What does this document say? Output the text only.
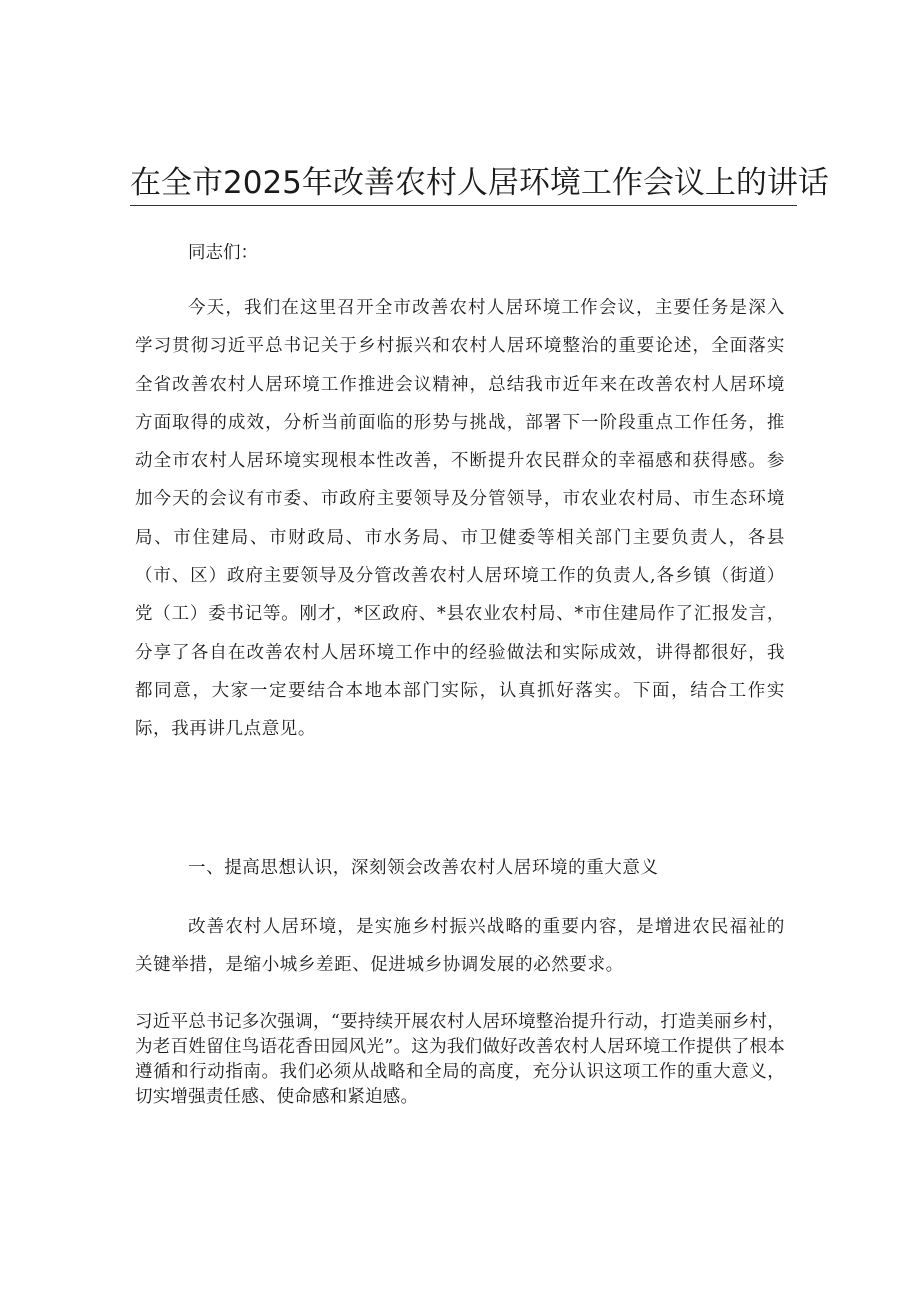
在全市2025年改善农村人居环境工作会议上的讲话
同志们：
今天，我们在这里召开全市改善农村人居环境工作会议，主要任务是深入学习贯彻习近平总书记关于乡村振兴和农村人居环境整治的重要论述，全面落实全省改善农村人居环境工作推进会议精神，总结我市近年来在改善农村人居环境方面取得的成效，分析当前面临的形势与挑战，部署下一阶段重点工作任务，推动全市农村人居环境实现根本性改善，不断提升农民群众的幸福感和获得感。参加今天的会议有市委、市政府主要领导及分管领导，市农业农村局、市生态环境局、市住建局、市财政局、市水务局、市卫健委等相关部门主要负责人，各县（市、区）政府主要领导及分管改善农村人居环境工作的负责人,各乡镇（街道）党（工）委书记等。刚才，*区政府、*县农业农村局、*市住建局作了汇报发言，分享了各自在改善农村人居环境工作中的经验做法和实际成效，讲得都很好，我都同意，大家一定要结合本地本部门实际，认真抓好落实。下面，结合工作实际，我再讲几点意见。
一、提高思想认识，深刻领会改善农村人居环境的重大意义
改善农村人居环境，是实施乡村振兴战略的重要内容，是增进农民福祉的关键举措，是缩小城乡差距、促进城乡协调发展的必然要求。
习近平总书记多次强调，“要持续开展农村人居环境整治提升行动，打造美丽乡村，为老百姓留住鸟语花香田园风光”。这为我们做好改善农村人居环境工作提供了根本遵循和行动指南。我们必须从战略和全局的高度，充分认识这项工作的重大意义，切实增强责任感、使命感和紧迫感。
